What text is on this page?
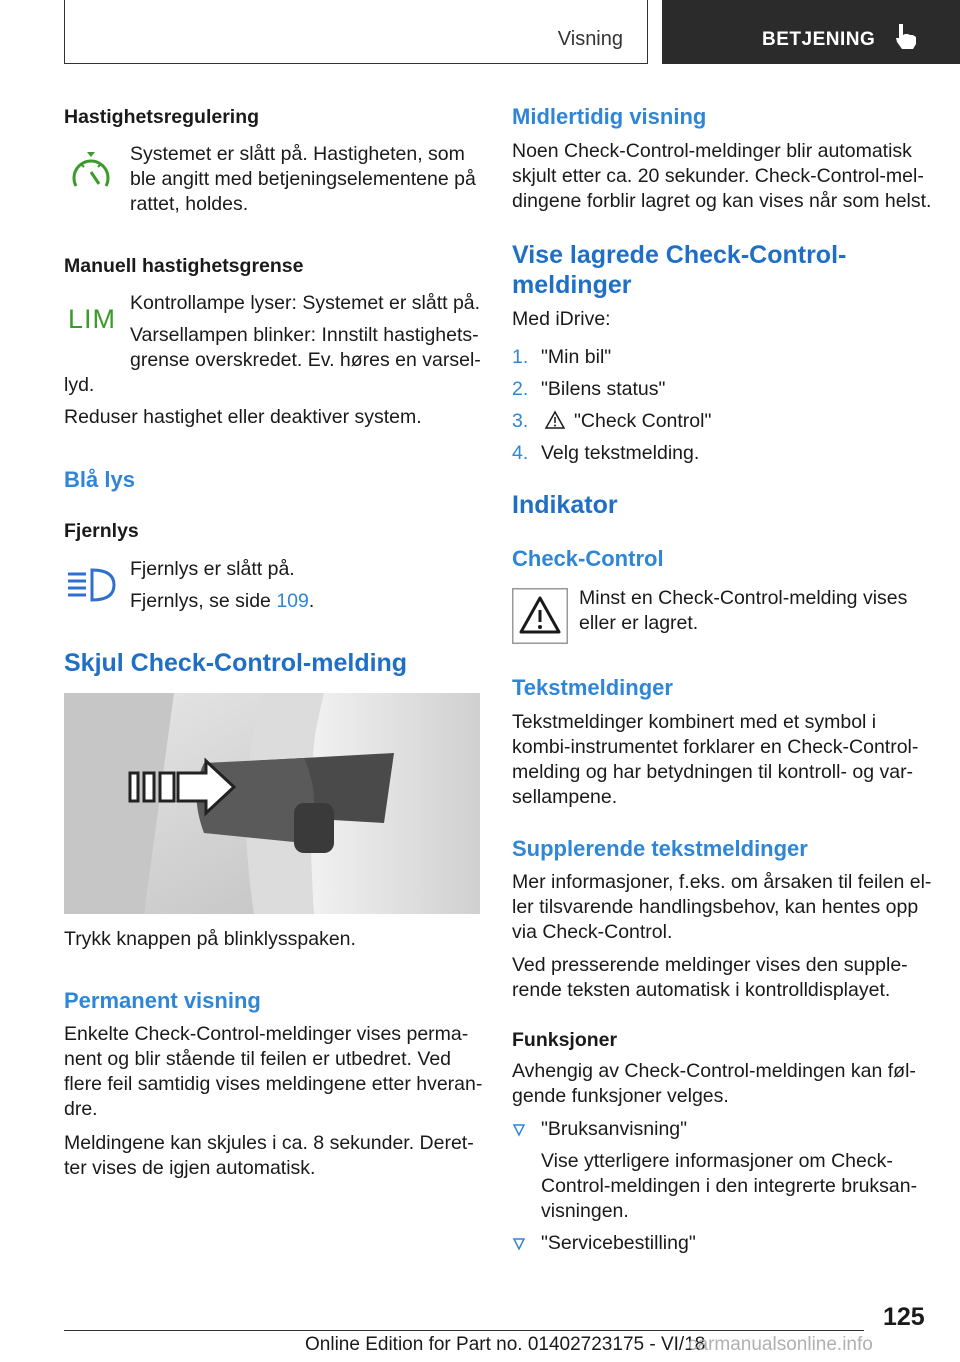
Visning	BETJENING
Hastighetsregulering
Systemet er slått på. Hastigheten, som
ble angitt med betjeningselementene på
rattet, holdes.
Manuell hastighetsgrense
LIM
Kontrollampe lyser: Systemet er slått på.
Varsellampen blinker: Innstilt hastighets-
grense overskredet. Ev. høres en varsel-
lyd.
Reduser hastighet eller deaktiver system.
Blå lys
Fjernlys
Fjernlys er slått på.
Fjernlys, se side 109.
Skjul Check-Control-melding
Trykk knappen på blinklysspaken.
Permanent visning
Enkelte Check-Control-meldinger vises perma-
nent og blir stående til feilen er utbedret. Ved
flere feil samtidig vises meldingene etter hveran-
dre.
Meldingene kan skjules i ca. 8 sekunder. Deret-
ter vises de igjen automatisk.
Midlertidig visning
Noen Check-Control-meldinger blir automatisk
skjult etter ca. 20 sekunder. Check-Control-mel-
dingene forblir lagret og kan vises når som helst.
Vise lagrede Check-Control-
meldinger
Med iDrive:
1. "Min bil"
2. "Bilens status"
3. "Check Control"
4. Velg tekstmelding.
Indikator
Check-Control
Minst en Check-Control-melding vises
eller er lagret.
Tekstmeldinger
Tekstmeldinger kombinert med et symbol i
kombi-instrumentet forklarer en Check-Control-
melding og har betydningen til kontroll- og var-
sellampene.
Supplerende tekstmeldinger
Mer informasjoner, f.eks. om årsaken til feilen el-
ler tilsvarende handlingsbehov, kan hentes opp
via Check-Control.
Ved presserende meldinger vises den supple-
rende teksten automatisk i kontrolldisplayet.
Funksjoner
Avhengig av Check-Control-meldingen kan føl-
gende funksjoner velges.
"Bruksanvisning"
Vise ytterligere informasjoner om Check-
Control-meldingen i den integrerte bruksan-
visningen.
"Servicebestilling"
125
Online Edition for Part no. 01402723175 - VI/18
carmanualsonline.info
